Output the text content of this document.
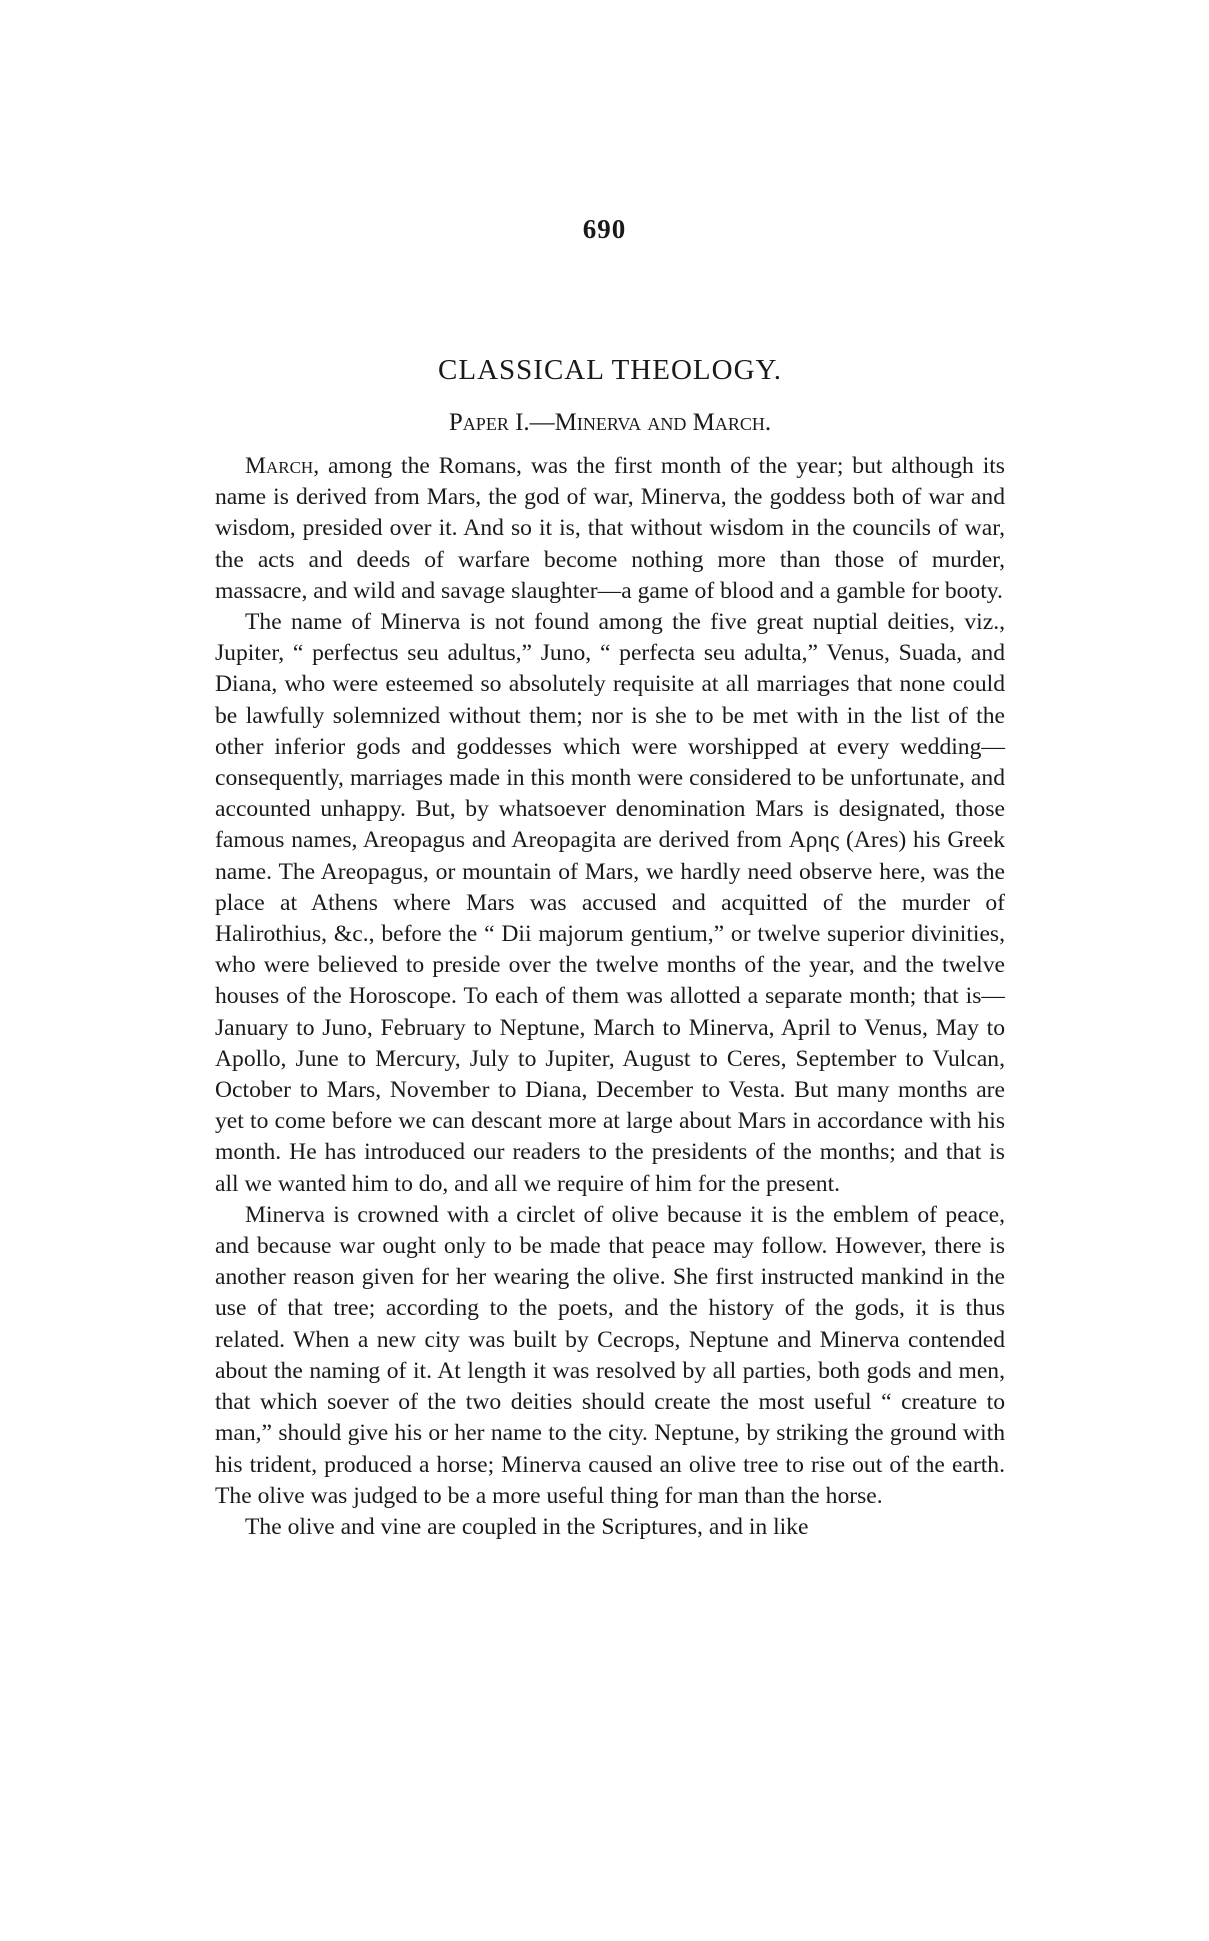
690
CLASSICAL THEOLOGY.
Paper I.—Minerva and March.

March, among the Romans, was the first month of the year; but although its name is derived from Mars, the god of war, Minerva, the goddess both of war and wisdom, presided over it. And so it is, that without wisdom in the councils of war, the acts and deeds of warfare become nothing more than those of murder, massacre, and wild and savage slaughter—a game of blood and a gamble for booty.

The name of Minerva is not found among the five great nuptial deities, viz., Jupiter, “ perfectus seu adultus,” Juno, “ perfecta seu adulta,” Venus, Suada, and Diana, who were esteemed so absolutely requisite at all marriages that none could be lawfully solemnized without them; nor is she to be met with in the list of the other inferior gods and goddesses which were worshipped at every wedding—consequently, marriages made in this month were considered to be unfortunate, and accounted unhappy. But, by whatsoever denomination Mars is designated, those famous names, Areopagus and Areopagita are derived from Αρης (Ares) his Greek name. The Areopagus, or mountain of Mars, we hardly need observe here, was the place at Athens where Mars was accused and acquitted of the murder of Halirothius, &c., before the “ Dii majorum gentium,” or twelve superior divinities, who were believed to preside over the twelve months of the year, and the twelve houses of the Horoscope. To each of them was allotted a separate month; that is—January to Juno, February to Neptune, March to Minerva, April to Venus, May to Apollo, June to Mercury, July to Jupiter, August to Ceres, September to Vulcan, October to Mars, November to Diana, December to Vesta. But many months are yet to come before we can descant more at large about Mars in accordance with his month. He has introduced our readers to the presidents of the months; and that is all we wanted him to do, and all we require of him for the present.

Minerva is crowned with a circlet of olive because it is the emblem of peace, and because war ought only to be made that peace may follow. However, there is another reason given for her wearing the olive. She first instructed mankind in the use of that tree; according to the poets, and the history of the gods, it is thus related. When a new city was built by Cecrops, Neptune and Minerva contended about the naming of it. At length it was resolved by all parties, both gods and men, that which soever of the two deities should create the most useful “ creature to man,” should give his or her name to the city. Neptune, by striking the ground with his trident, produced a horse; Minerva caused an olive tree to rise out of the earth. The olive was judged to be a more useful thing for man than the horse.

The olive and vine are coupled in the Scriptures, and in like
